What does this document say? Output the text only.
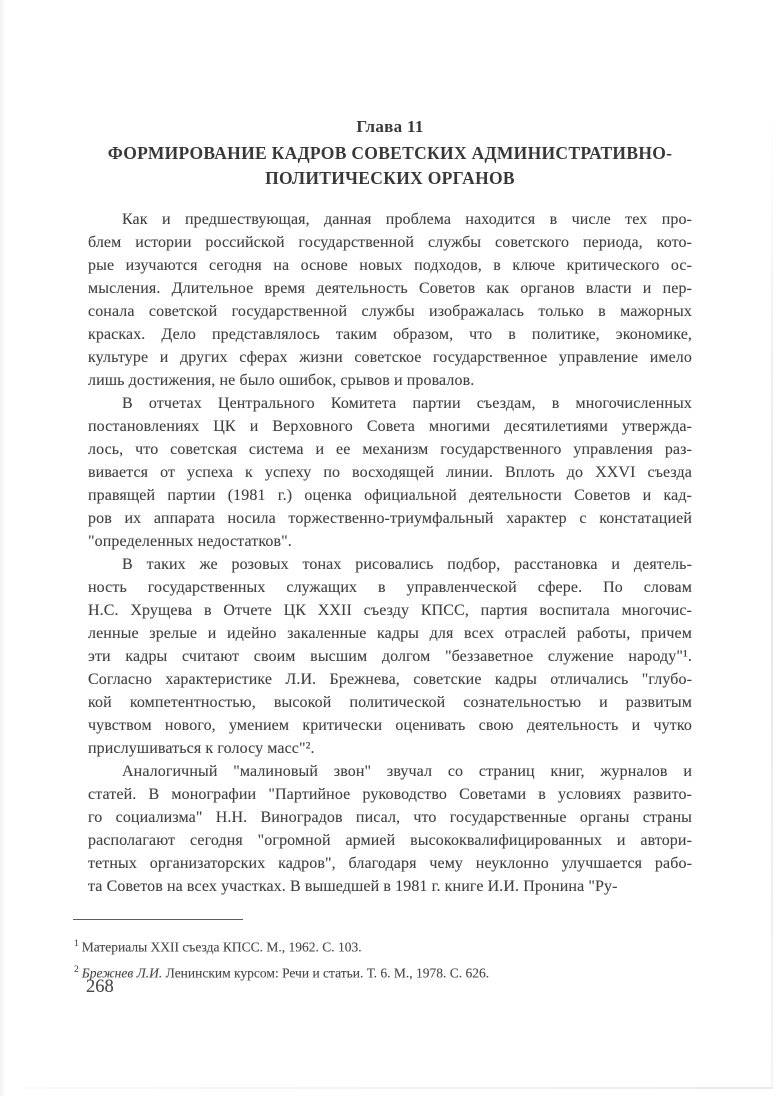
Глава 11
ФОРМИРОВАНИЕ КАДРОВ СОВЕТСКИХ АДМИНИСТРАТИВНО-
ПОЛИТИЧЕСКИХ ОРГАНОВ

Как и предшествующая, данная проблема находится в числе тех про-
блем истории российской государственной службы советского периода, кото-
рые изучаются сегодня на основе новых подходов, в ключе критического ос-
мысления. Длительное время деятельность Советов как органов власти и пер-
сонала советской государственной службы изображалась только в мажорных
красках. Дело представлялось таким образом, что в политике, экономике,
культуре и других сферах жизни советское государственное управление имело
лишь достижения, не было ошибок, срывов и провалов.

В отчетах Центрального Комитета партии съездам, в многочисленных
постановлениях ЦК и Верховного Совета многими десятилетиями утвержда-
лось, что советская система и ее механизм государственного управления раз-
вивается от успеха к успеху по восходящей линии. Вплоть до XXVI съезда
правящей партии (1981 г.) оценка официальной деятельности Советов и кад-
ров их аппарата носила торжественно-триумфальный характер с констатацией
"определенных недостатков".

В таких же розовых тонах рисовались подбор, расстановка и деятель-
ность государственных служащих в управленческой сфере. По словам
Н.С. Хрущева в Отчете ЦК XXII съезду КПСС, партия воспитала многочис-
ленные зрелые и идейно закаленные кадры для всех отраслей работы, причем
эти кадры считают своим высшим долгом "беззаветное служение народу"¹.
Согласно характеристике Л.И. Брежнева, советские кадры отличались "глубо-
кой компетентностью, высокой политической сознательностью и развитым
чувством нового, умением критически оценивать свою деятельность и чутко
прислушиваться к голосу масс"².

Аналогичный "малиновый звон" звучал со страниц книг, журналов и
статей. В монографии "Партийное руководство Советами в условиях развито-
го социализма" Н.Н. Виноградов писал, что государственные органы страны
располагают сегодня "огромной армией высококвалифицированных и автори-
тетных организаторских кадров", благодаря чему неуклонно улучшается рабо-
та Советов на всех участках. В вышедшей в 1981 г. книге И.И. Пронина "Ру-

$^1$ Материалы XXII съезда КПСС. М., 1962. С. 103.
$^2$ Брежнев Л.И. Ленинским курсом: Речи и статьи. Т. 6. М., 1978. С. 626.
268
